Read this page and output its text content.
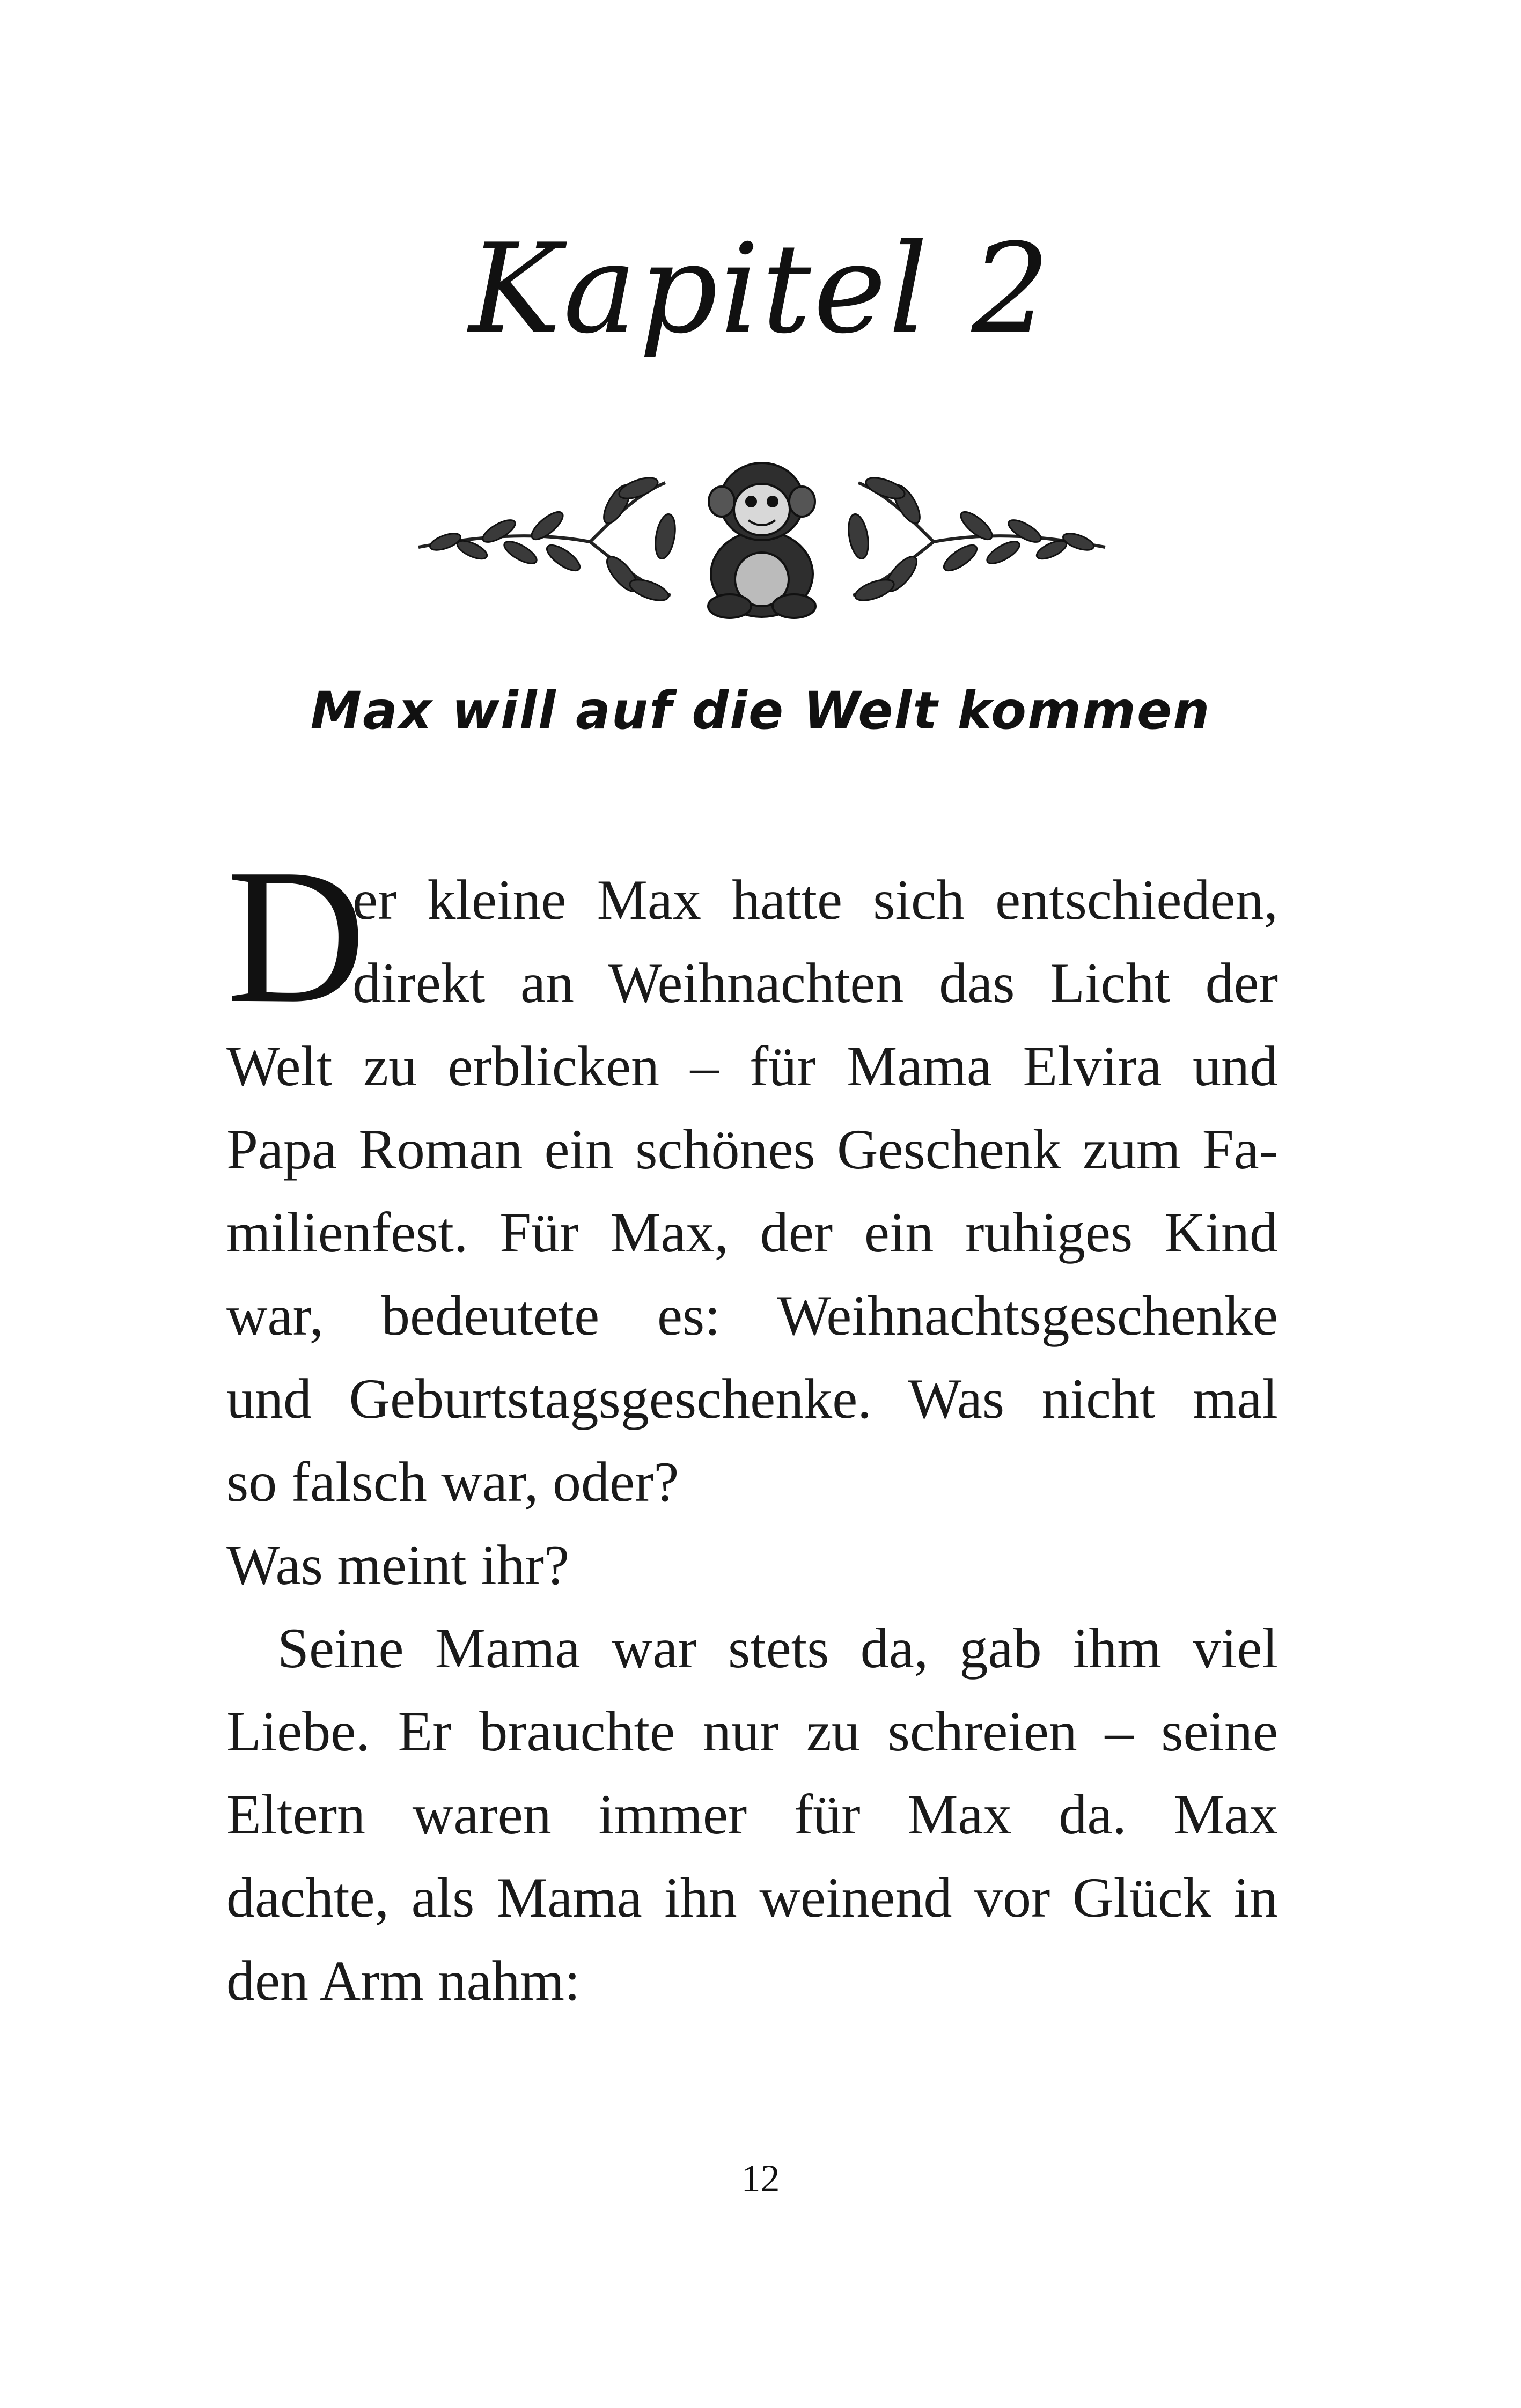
Kapitel 2
Max will auf die Welt kommen
D
er kleine Max hatte sich entschieden,
direkt an Weihnachten das Licht der
Welt zu erblicken – für Mama Elvira und
Papa Roman ein schönes Geschenk zum Fa-
milienfest. Für Max, der ein ruhiges Kind
war, bedeutete es: Weihnachtsgeschenke
und Geburtstagsgeschenke. Was nicht mal
so falsch war, oder?
Was meint ihr?
Seine Mama war stets da, gab ihm viel
Liebe. Er brauchte nur zu schreien – seine
Eltern waren immer für Max da. Max
dachte, als Mama ihn weinend vor Glück in
den Arm nahm:
12
